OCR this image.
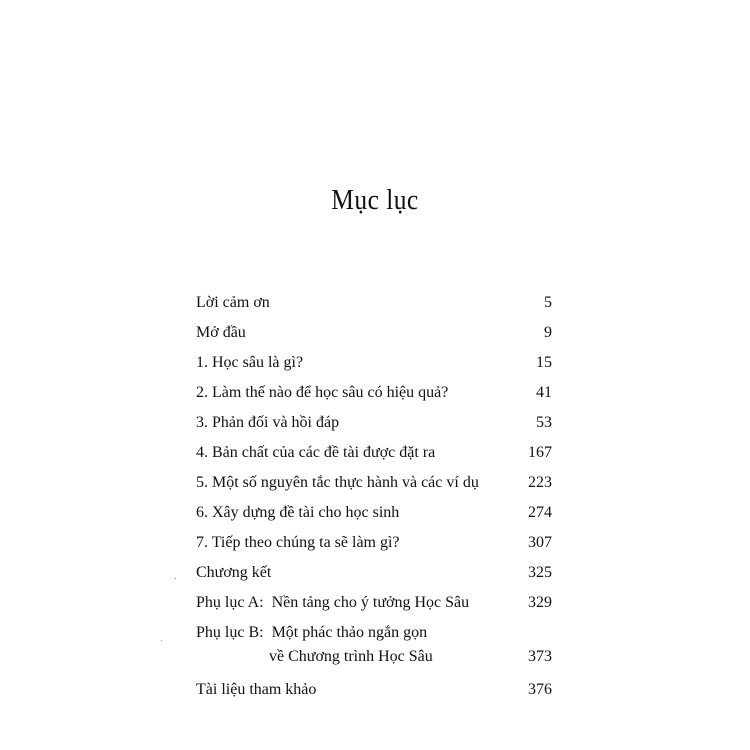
Mục lục
Lời cảm ơn	5
Mở đầu	9
1. Học sâu là gì?	15
2. Làm thế nào để học sâu có hiệu quả?	41
3. Phản đối và hồi đáp	53
4. Bản chất của các đề tài được đặt ra	167
5. Một số nguyên tắc thực hành và các ví dụ	223
6. Xây dựng đề tài cho học sinh	274
7. Tiếp theo chúng ta sẽ làm gì?	307
Chương kết	325
Phụ lục A:  Nền tảng cho ý tưởng Học Sâu	329
Phụ lục B:  Một phác thảo ngắn gọn
về Chương trình Học Sâu	373
Tài liệu tham khảo	376
